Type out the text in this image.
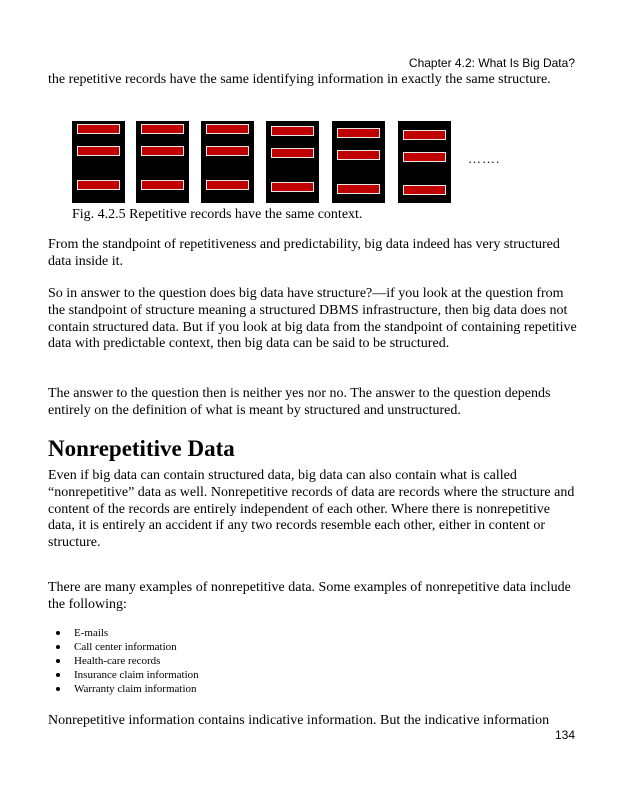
Chapter 4.2: What Is Big Data?

the repetitive records have the same identifying information in exactly the same structure.

…….
Fig. 4.2.5 Repetitive records have the same context.

From the standpoint of repetitiveness and predictability, big data indeed has very structured data inside it.

So in answer to the question does big data have structure?—if you look at the question from the standpoint of structure meaning a structured DBMS infrastructure, then big data does not contain structured data. But if you look at big data from the standpoint of containing repetitive data with predictable context, then big data can be said to be structured.

The answer to the question then is neither yes nor no. The answer to the question depends entirely on the definition of what is meant by structured and unstructured.

Nonrepetitive Data

Even if big data can contain structured data, big data can also contain what is called “nonrepetitive” data as well. Nonrepetitive records of data are records where the structure and content of the records are entirely independent of each other. Where there is nonrepetitive data, it is entirely an accident if any two records resemble each other, either in content or structure.

There are many examples of nonrepetitive data. Some examples of nonrepetitive data include the following:

E-mails
Call center information
Health-care records
Insurance claim information
Warranty claim information

Nonrepetitive information contains indicative information. But the indicative information

134
